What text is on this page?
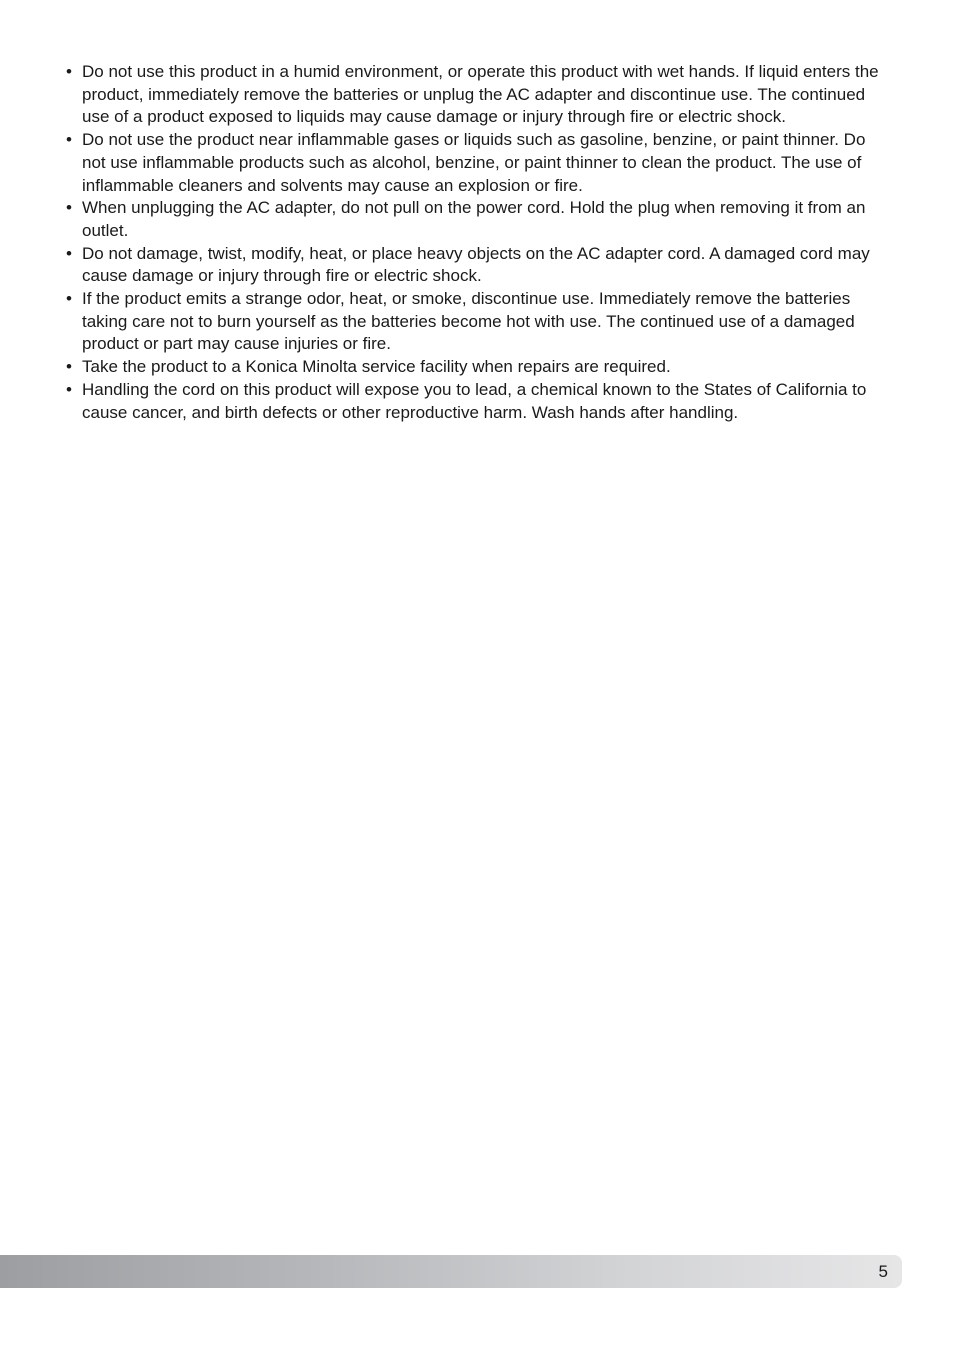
• Do not use this product in a humid environment, or operate this product with wet hands. If liquid enters the product, immediately remove the batteries or unplug the AC adapter and discontinue use. The continued use of a product exposed to liquids may cause damage or injury through fire or electric shock.
• Do not use the product near inflammable gases or liquids such as gasoline, benzine, or paint thinner. Do not use inflammable products such as alcohol, benzine, or paint thinner to clean the product. The use of inflammable cleaners and solvents may cause an explosion or fire.
• When unplugging the AC adapter, do not pull on the power cord. Hold the plug when removing it from an outlet.
• Do not damage, twist, modify, heat, or place heavy objects on the AC adapter cord. A damaged cord may cause damage or injury through fire or electric shock.
• If the product emits a strange odor, heat, or smoke, discontinue use. Immediately remove the batteries taking care not to burn yourself as the batteries become hot with use. The continued use of a damaged product or part may cause injuries or fire.
• Take the product to a Konica Minolta service facility when repairs are required.
• Handling the cord on this product will expose you to lead, a chemical known to the States of California to cause cancer, and birth defects or other reproductive harm. Wash hands after handling.
5
